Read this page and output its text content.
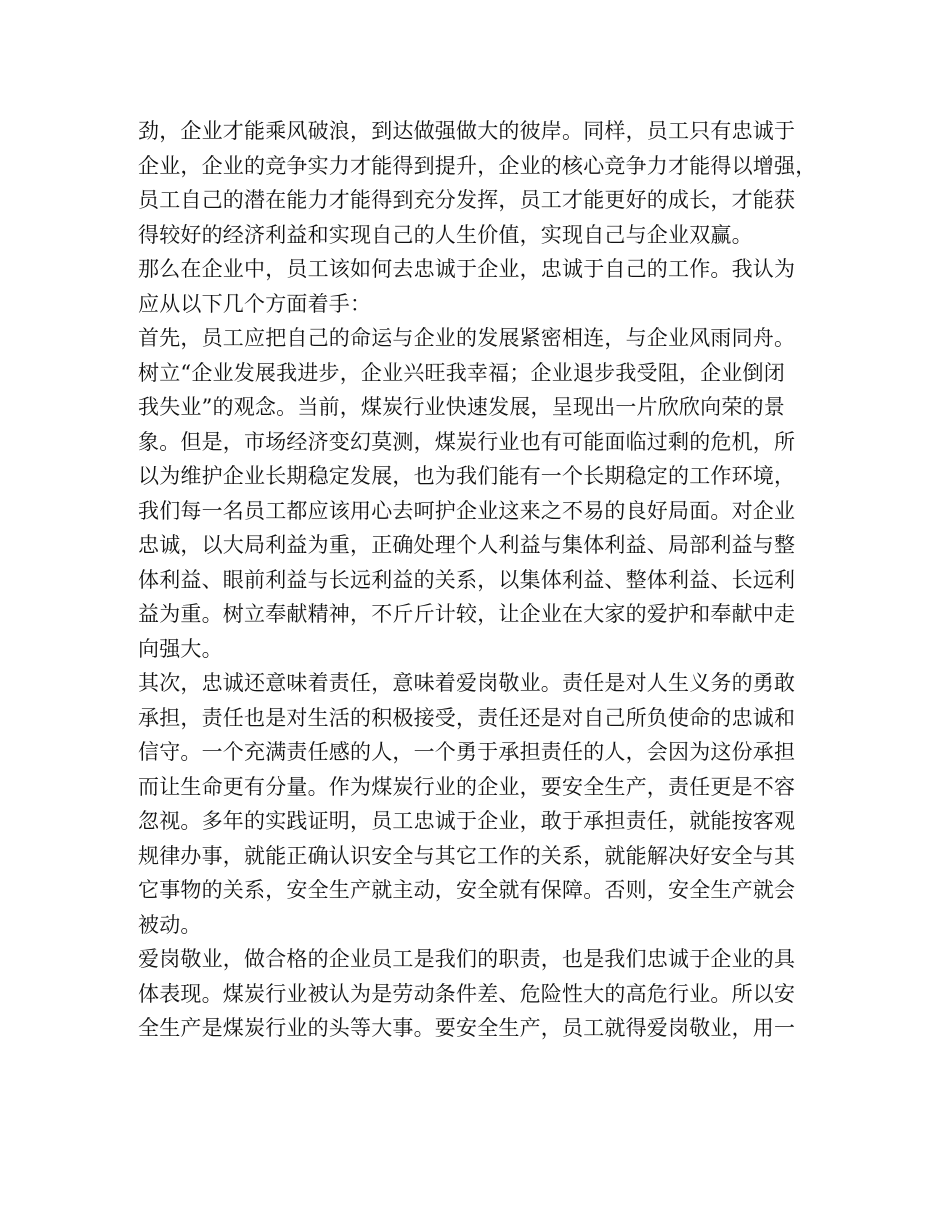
劲，企业才能乘风破浪，到达做强做大的彼岸。同样，员工只有忠诚于
企业，企业的竞争实力才能得到提升，企业的核心竞争力才能得以增强，
员工自己的潜在能力才能得到充分发挥，员工才能更好的成长，才能获
得较好的经济利益和实现自己的人生价值，实现自己与企业双赢。
那么在企业中，员工该如何去忠诚于企业，忠诚于自己的工作。我认为
应从以下几个方面着手：
首先，员工应把自己的命运与企业的发展紧密相连，与企业风雨同舟。
树立“企业发展我进步，企业兴旺我幸福；企业退步我受阻，企业倒闭
我失业”的观念。当前，煤炭行业快速发展，呈现出一片欣欣向荣的景
象。但是，市场经济变幻莫测，煤炭行业也有可能面临过剩的危机，所
以为维护企业长期稳定发展，也为我们能有一个长期稳定的工作环境，
我们每一名员工都应该用心去呵护企业这来之不易的良好局面。对企业
忠诚，以大局利益为重，正确处理个人利益与集体利益、局部利益与整
体利益、眼前利益与长远利益的关系，以集体利益、整体利益、长远利
益为重。树立奉献精神，不斤斤计较，让企业在大家的爱护和奉献中走
向强大。
其次，忠诚还意味着责任，意味着爱岗敬业。责任是对人生义务的勇敢
承担，责任也是对生活的积极接受，责任还是对自己所负使命的忠诚和
信守。一个充满责任感的人，一个勇于承担责任的人，会因为这份承担
而让生命更有分量。作为煤炭行业的企业，要安全生产，责任更是不容
忽视。多年的实践证明，员工忠诚于企业，敢于承担责任，就能按客观
规律办事，就能正确认识安全与其它工作的关系，就能解决好安全与其
它事物的关系，安全生产就主动，安全就有保障。否则，安全生产就会
被动。
爱岗敬业，做合格的企业员工是我们的职责，也是我们忠诚于企业的具
体表现。煤炭行业被认为是劳动条件差、危险性大的高危行业。所以安
全生产是煤炭行业的头等大事。要安全生产，员工就得爱岗敬业，用一
